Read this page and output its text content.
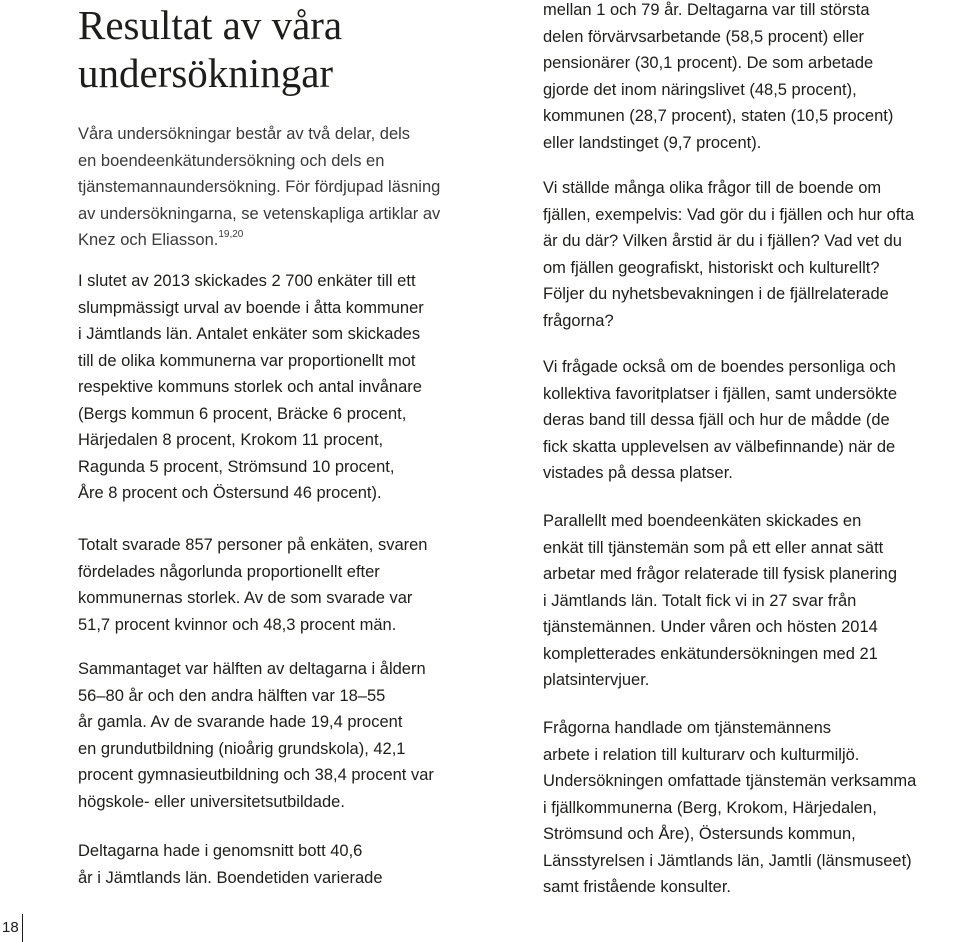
Resultat av våra
undersökningar

Våra undersökningar består av två delar, dels
en boendeenkätundersökning och dels en
tjänstemannaundersökning. För fördjupad läsning
av undersökningarna, se vetenskapliga artiklar av
Knez och Eliasson.$^{19,20}$

I slutet av 2013 skickades 2 700 enkäter till ett
slumpmässigt urval av boende i åtta kommuner
i Jämtlands län. Antalet enkäter som skickades
till de olika kommunerna var proportionellt mot
respektive kommuns storlek och antal invånare
(Bergs kommun 6 procent, Bräcke 6 procent,
Härjedalen 8 procent, Krokom 11 procent,
Ragunda 5 procent, Strömsund 10 procent,
Åre 8 procent och Östersund 46 procent).

Totalt svarade 857 personer på enkäten, svaren
fördelades någorlunda proportionellt efter
kommunernas storlek. Av de som svarade var
51,7 procent kvinnor och 48,3 procent män.

Sammantaget var hälften av deltagarna i åldern
56–80 år och den andra hälften var 18–55
år gamla. Av de svarande hade 19,4 procent
en grundutbildning (nioårig grundskola), 42,1
procent gymnasieutbildning och 38,4 procent var
högskole- eller universitetsutbildade.

Deltagarna hade i genomsnitt bott 40,6
år i Jämtlands län. Boendetiden varierade

mellan 1 och 79 år. Deltagarna var till största
delen förvärvsarbetande (58,5 procent) eller
pensionärer (30,1 procent). De som arbetade
gjorde det inom näringslivet (48,5 procent),
kommunen (28,7 procent), staten (10,5 procent)
eller landstinget (9,7 procent).

Vi ställde många olika frågor till de boende om
fjällen, exempelvis: Vad gör du i fjällen och hur ofta
är du där? Vilken årstid är du i fjällen? Vad vet du
om fjällen geografiskt, historiskt och kulturellt?
Följer du nyhetsbevakningen i de fjällrelaterade
frågorna?

Vi frågade också om de boendes personliga och
kollektiva favoritplatser i fjällen, samt undersökte
deras band till dessa fjäll och hur de mådde (de
fick skatta upplevelsen av välbefinnande) när de
vistades på dessa platser.

Parallellt med boendeenkäten skickades en
enkät till tjänstemän som på ett eller annat sätt
arbetar med frågor relaterade till fysisk planering
i Jämtlands län. Totalt fick vi in 27 svar från
tjänstemännen. Under våren och hösten 2014
kompletterades enkätundersökningen med 21
platsintervjuer.

Frågorna handlade om tjänstemännens
arbete i relation till kulturarv och kulturmiljö.
Undersökningen omfattade tjänstemän verksamma
i fjällkommunerna (Berg, Krokom, Härjedalen,
Strömsund och Åre), Östersunds kommun,
Länsstyrelsen i Jämtlands län, Jamtli (länsmuseet)
samt fristående konsulter.

18
